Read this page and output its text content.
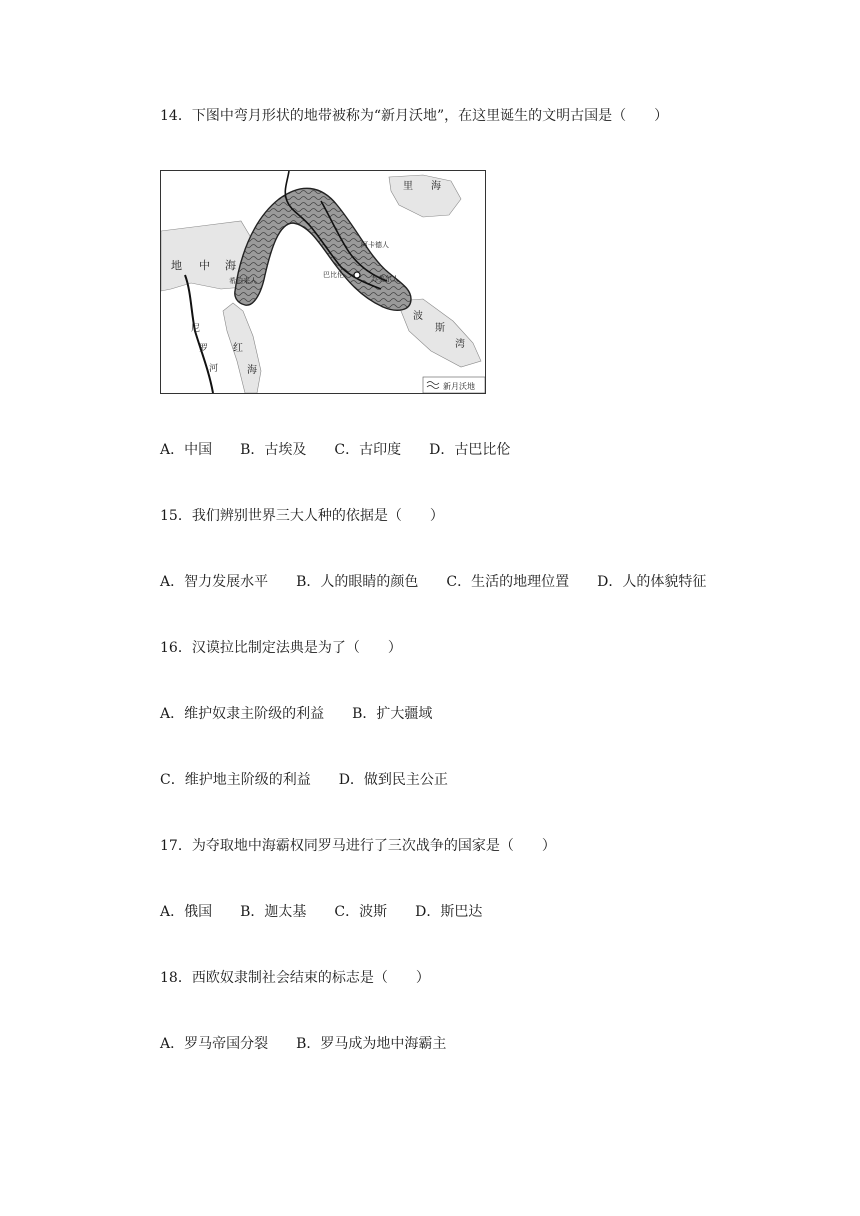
14．下图中弯月形状的地带被称为“新月沃地”，在这里诞生的文明古国是（　　）
里 海
地 中 海
尼
罗
河
红
海
波
斯
湾
巴比伦
阿卡德人
苏美尔人
希伯来人
新月沃地
A．中国　　B．古埃及　　C．古印度　　D．古巴比伦
15．我们辨别世界三大人种的依据是（　　）
A．智力发展水平　　B．人的眼睛的颜色　　C．生活的地理位置　　D．人的体貌特征
16．汉谟拉比制定法典是为了（　　）
A．维护奴隶主阶级的利益　　B．扩大疆域
C．维护地主阶级的利益　　D．做到民主公正
17．为夺取地中海霸权同罗马进行了三次战争的国家是（　　）
A．俄国　　B．迦太基　　C．波斯　　D．斯巴达
18．西欧奴隶制社会结束的标志是（　　）
A．罗马帝国分裂　　B．罗马成为地中海霸主
